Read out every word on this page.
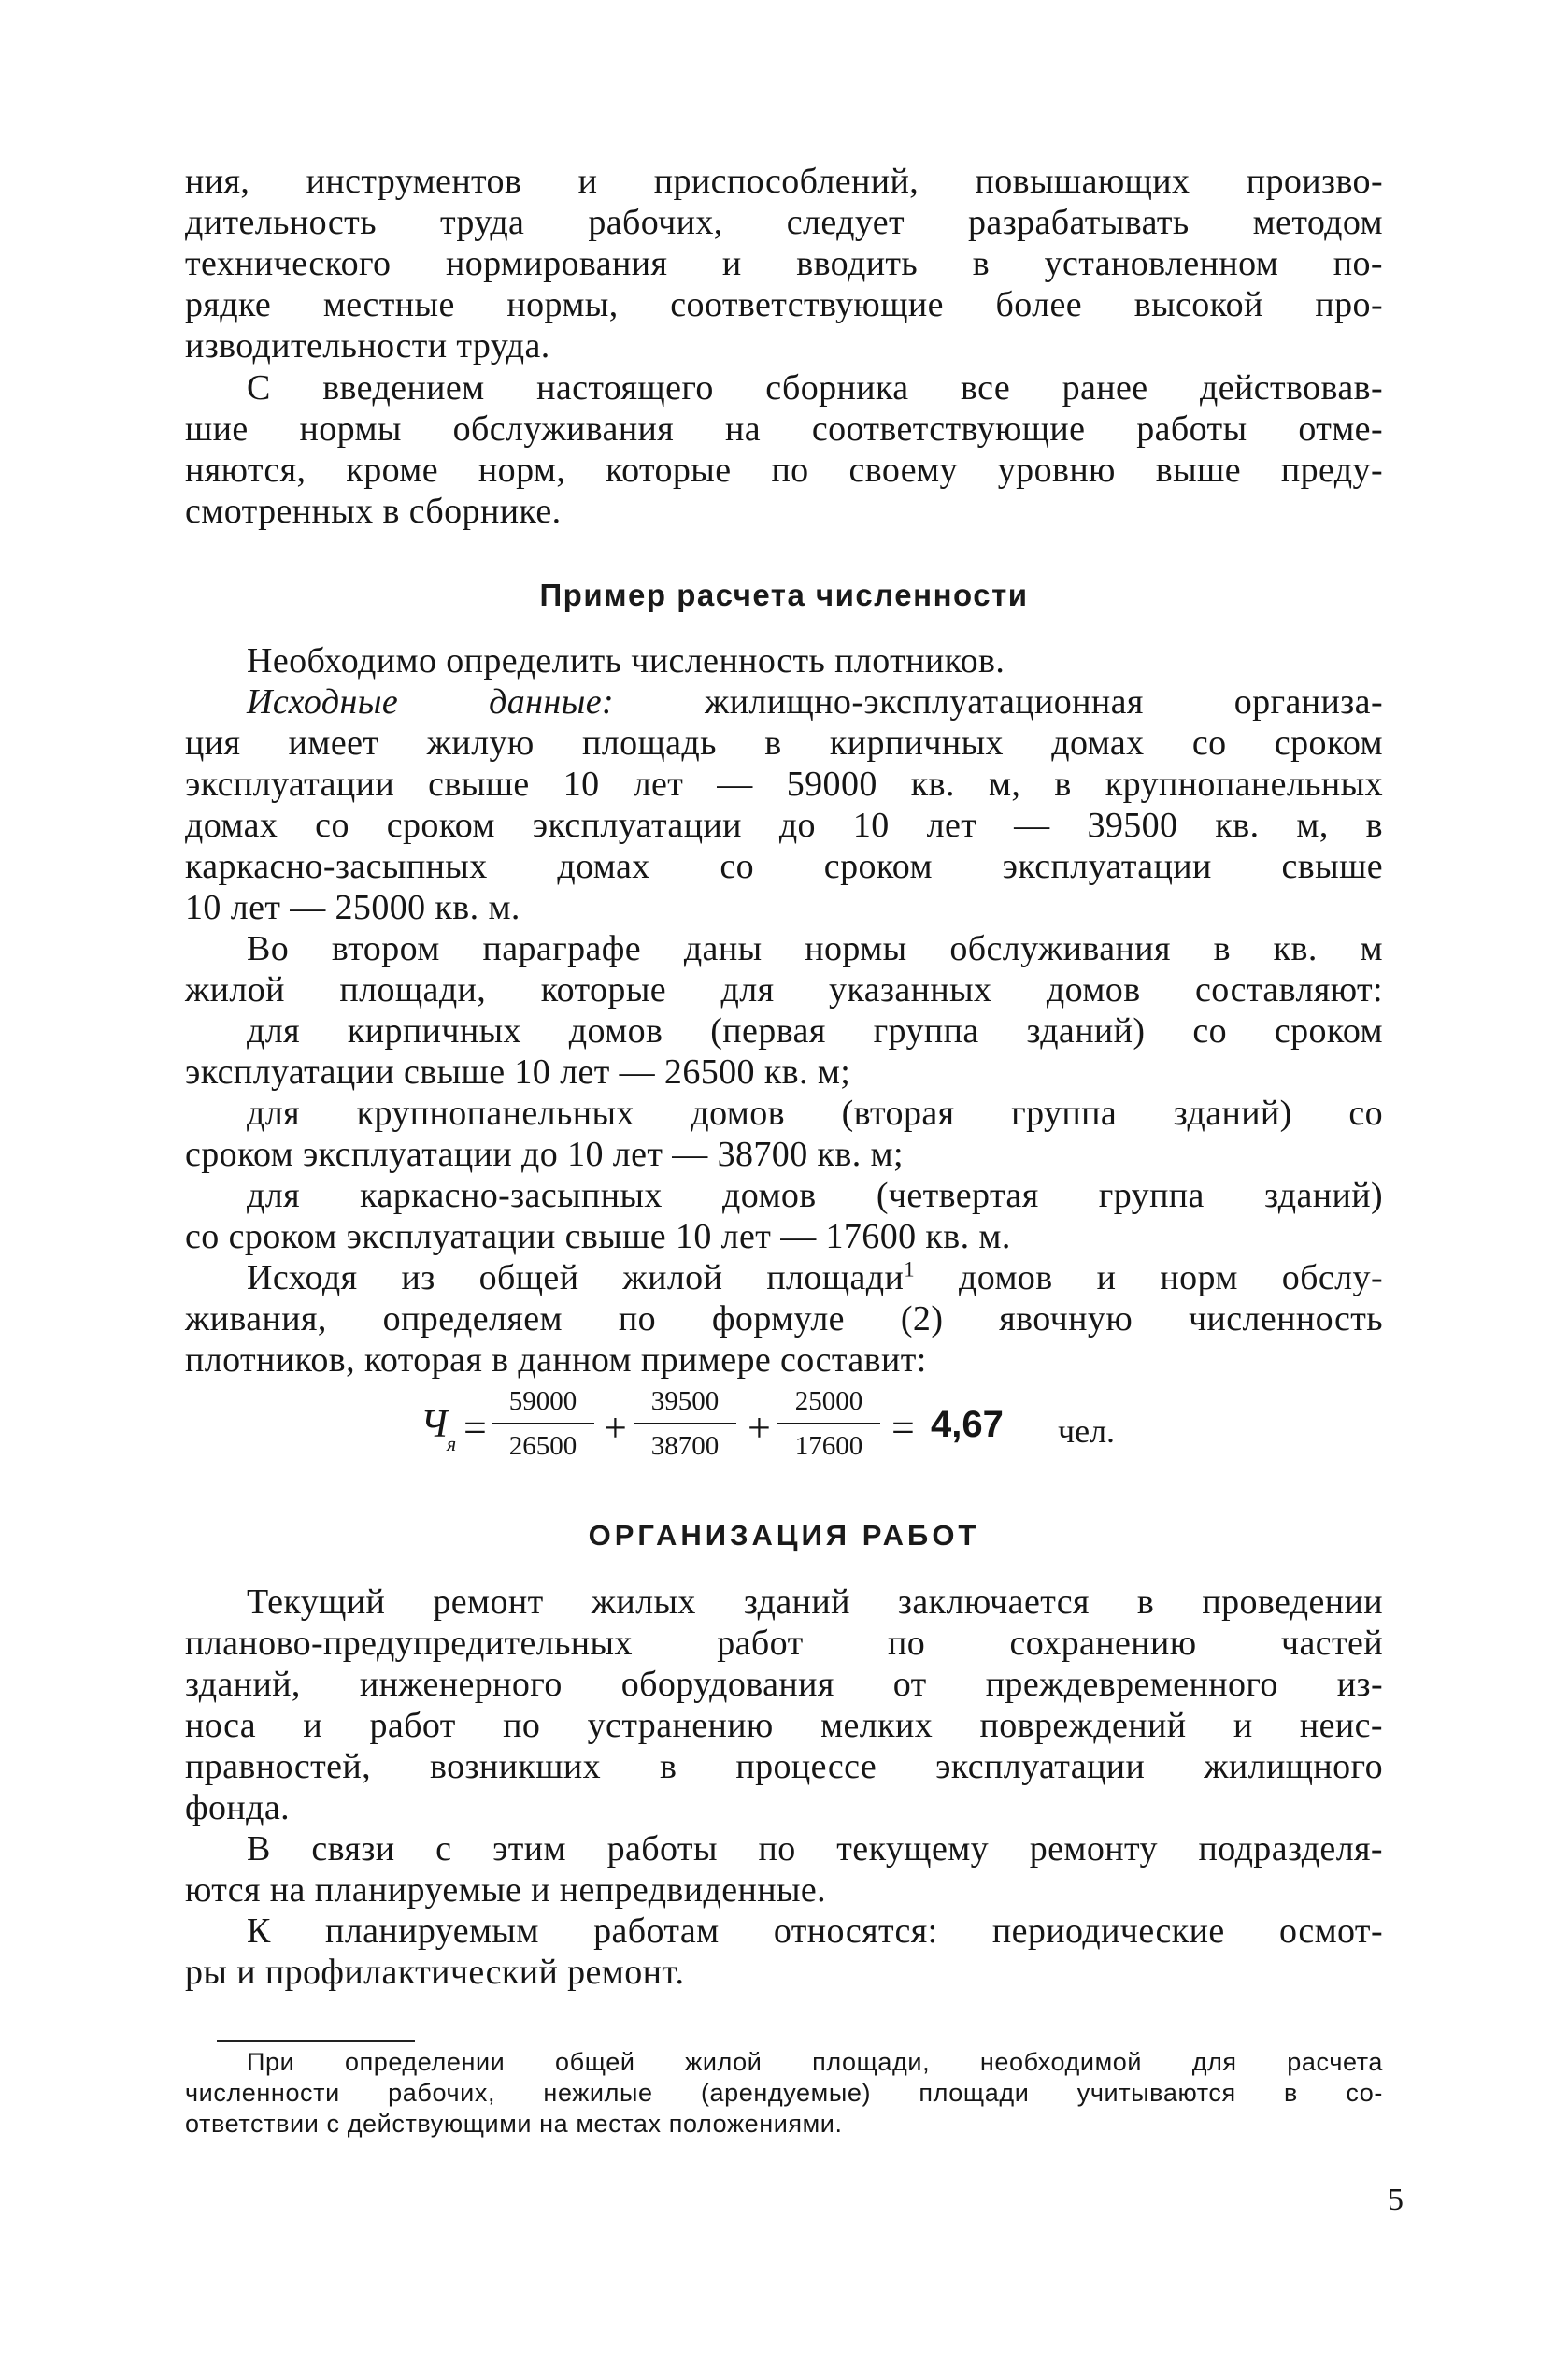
ния, инструментов и приспособлений, повышающих произво-
дительность труда рабочих, следует разрабатывать методом
технического нормирования и вводить в установленном по-
рядке местные нормы, соответствующие более высокой про-
изводительности труда.
С введением настоящего сборника все ранее действовав-
шие нормы обслуживания на соответствующие работы отме-
няются, кроме норм, которые по своему уровню выше преду-
смотренных в сборнике.
Пример расчета численности
Необходимо определить численность плотников.
Исходные данные: жилищно-эксплуатационная организа-
ция имеет жилую площадь в кирпичных домах со сроком
эксплуатации свыше 10 лет — 59000 кв. м, в крупнопанельных
домах со сроком эксплуатации до 10 лет — 39500 кв. м, в
каркасно-засыпных домах со сроком эксплуатации свыше
10 лет — 25000 кв. м.
Во втором параграфе даны нормы обслуживания в кв. м
жилой площади, которые для указанных домов составляют:
для кирпичных домов (первая группа зданий) со сроком
эксплуатации свыше 10 лет — 26500 кв. м;
для крупнопанельных домов (вторая группа зданий) со
сроком эксплуатации до 10 лет — 38700 кв. м;
для каркасно-засыпных домов (четвертая группа зданий)
со сроком эксплуатации свыше 10 лет — 17600 кв. м.
Исходя из общей жилой площади$^1$ домов и норм обслу-
живания, определяем по формуле (2) явочную численность
плотников, которая в данном примере составит:
Ч я =
59000
26500 +
39500
38700 +
25000
17600 = 4,67 чел.
ОРГАНИЗАЦИЯ РАБОТ
Текущий ремонт жилых зданий заключается в проведении
планово-предупредительных работ по сохранению частей
зданий, инженерного оборудования от преждевременного из-
носа и работ по устранению мелких повреждений и неис-
правностей, возникших в процессе эксплуатации жилищного
фонда.
В связи с этим работы по текущему ремонту подразделя-
ются на планируемые и непредвиденные.
К планируемым работам относятся: периодические осмот-
ры и профилактический ремонт.
При определении общей жилой площади, необходимой для расчета
численности рабочих, нежилые (арендуемые) площади учитываются в со-
ответствии с действующими на местах положениями.
5
